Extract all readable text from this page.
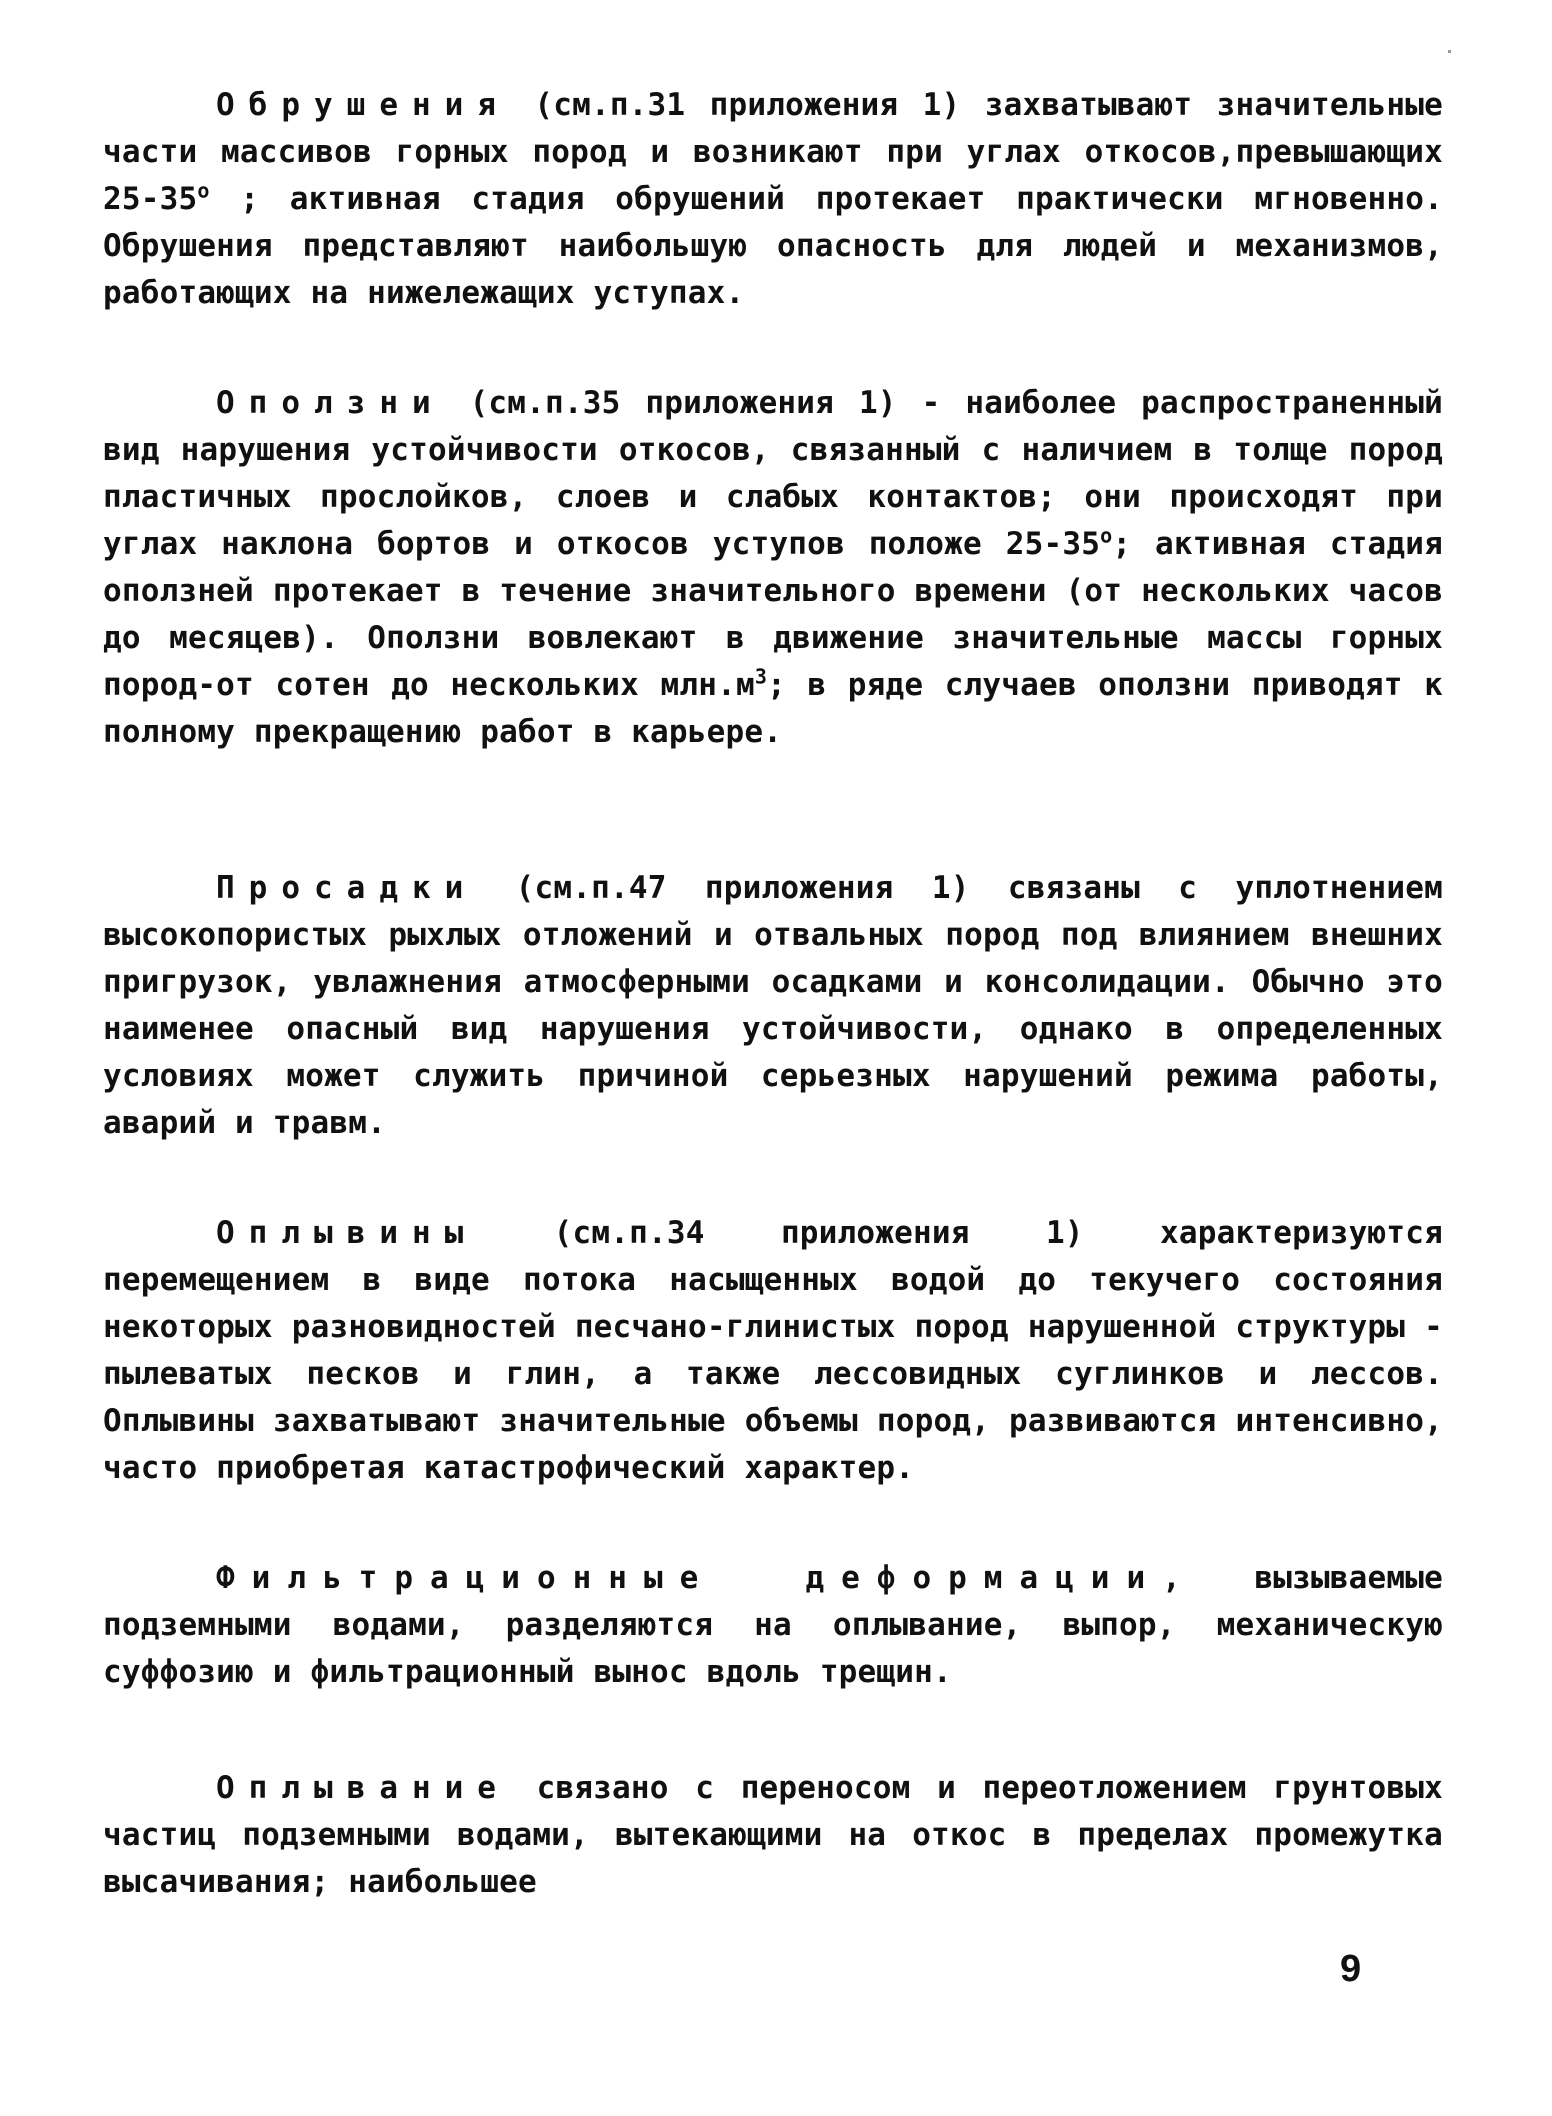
Обрушения (см.п.31 приложения 1) захватывают значительные части массивов горных пород и возникают при углах откосов,превышающих $25-35^о$ ; активная стадия обрушений протекает практически мгновенно. Обрушения представляют наибольшую опасность для людей и механизмов, работающих на нижележащих уступах.

Оползни (см.п.35 приложения 1) - наиболее распространенный вид нарушения устойчивости откосов, связанный с наличием в толще пород пластичных прослойков, слоев и слабых контактов; они происходят при углах наклона бортов и откосов уступов положе $25-35^о$; активная стадия оползней протекает в течение значительного времени (от нескольких часов до месяцев). Оползни вовлекают в движение значительные массы горных пород-от сотен до нескольких $млн.м^3$; в ряде случаев оползни приводят к полному прекращению работ в карьере.

Просадки (см.п.47 приложения 1) связаны с уплотнением высокопористых рыхлых отложений и отвальных пород под влиянием внешних пригрузок, увлажнения атмосферными осадками и консолидации. Обычно это наименее опасный вид нарушения устойчивости, однако в определенных условиях может служить причиной серьезных нарушений режима работы, аварий и травм.

Оплывины (см.п.34 приложения 1) характеризуются перемещением в виде потока насыщенных водой до текучего состояния некоторых разновидностей песчано-глинистых пород нарушенной структуры - пылеватых песков и глин, а также лессовидных суглинков и лессов. Оплывины захватывают значительные объемы пород, развиваются интенсивно, часто приобретая катастрофический характер.

Фильтрационные деформации, вызываемые подземными водами, разделяются на оплывание, выпор, механическую суффозию и фильтрационный вынос вдоль трещин.

Оплывание связано с переносом и переотложением грунтовых частиц подземными водами, вытекающими на откос в пределах промежутка высачивания; наибольшее

9
